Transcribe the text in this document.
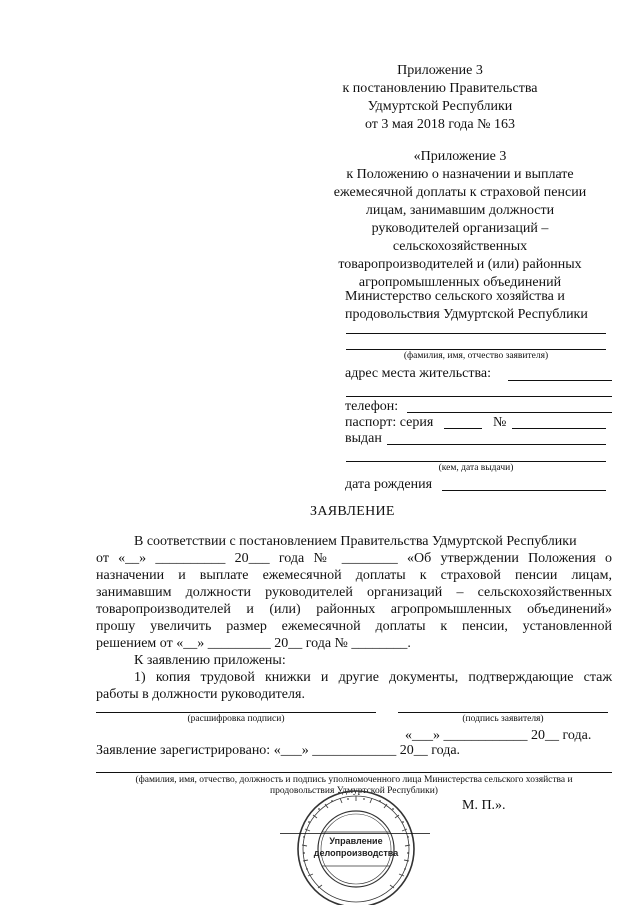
Приложение 3
к постановлению Правительства
Удмуртской Республики
от 3 мая 2018 года № 163
«Приложение 3
к Положению о назначении и выплате
ежемесячной доплаты к страховой пенсии
лицам, занимавшим должности
руководителей организаций –
сельскохозяйственных
товаропроизводителей и (или) районных
агропромышленных объединений
Министерство сельского хозяйства и
продовольствия Удмуртской Республики
(фамилия, имя, отчество заявителя)
адрес места жительства:
телефон:
паспорт: серия	№
выдан
(кем, дата выдачи)
дата рождения
ЗАЯВЛЕНИЕ
В соответствии с постановлением Правительства Удмуртской Республики
от «__» __________ 20___ года № ________ «Об утверждении Положения о
назначении и выплате ежемесячной доплаты к страховой пенсии лицам,
занимавшим должности руководителей организаций – сельскохозяйственных
товаропроизводителей и (или) районных агропромышленных объединений»
прошу увеличить размер ежемесячной доплаты к пенсии, установленной
решением от «__» _________ 20__ года № ________.
К заявлению приложены:
1) копия трудовой книжки и другие документы, подтверждающие стаж
работы в должности руководителя.
(расшифровка подписи)	(подпись заявителя)
«___» ____________ 20__ года.
Заявление зарегистрировано: «___» ____________ 20__ года.
(фамилия, имя, отчество, должность и подпись уполномоченного лица Министерства сельского хозяйства и
продовольствия Удмуртской Республики)
М. П.».
Управление
делопроизводства
